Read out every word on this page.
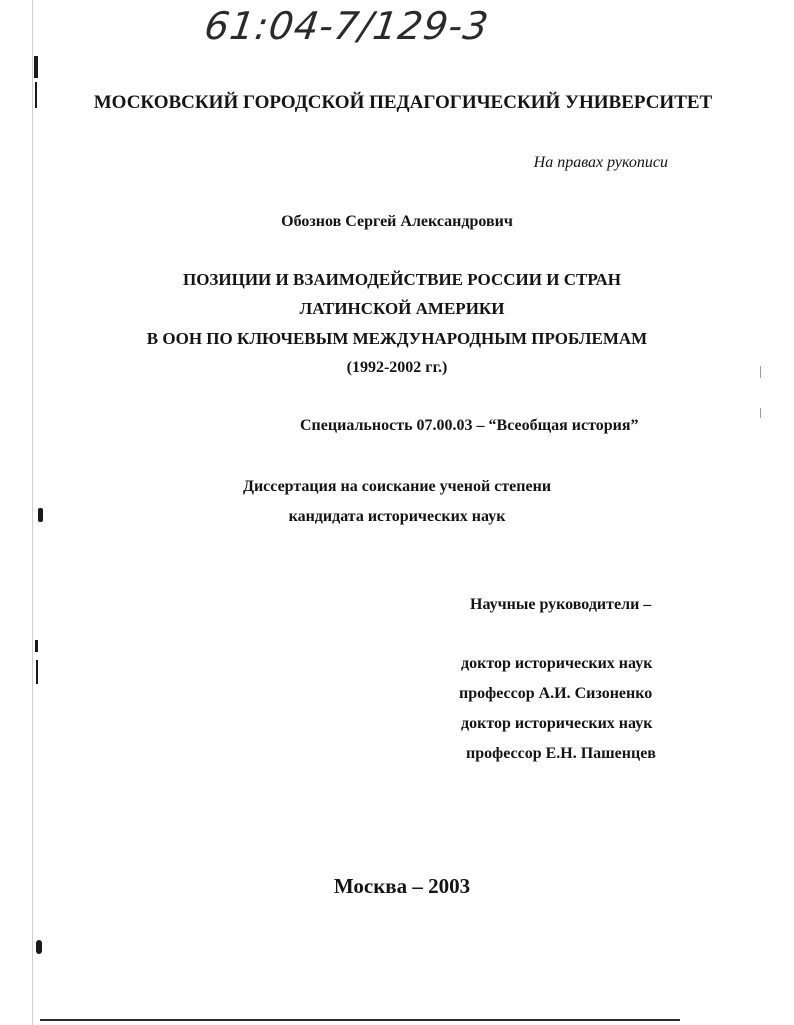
61:04-7/129-3
МОСКОВСКИЙ ГОРОДСКОЙ ПЕДАГОГИЧЕСКИЙ УНИВЕРСИТЕТ
На правах рукописи
Обознов Сергей Александрович
ПОЗИЦИИ И ВЗАИМОДЕЙСТВИЕ РОССИИ И СТРАН
ЛАТИНСКОЙ АМЕРИКИ
В ООН ПО КЛЮЧЕВЫМ МЕЖДУНАРОДНЫМ ПРОБЛЕМАМ
(1992-2002 гг.)
Специальность 07.00.03 – “Всеобщая история”
Диссертация на соискание ученой степени
кандидата исторических наук
Научные руководители –
доктор исторических наук
профессор А.И. Сизоненко
доктор исторических наук
профессор Е.Н. Пашенцев
Москва – 2003
